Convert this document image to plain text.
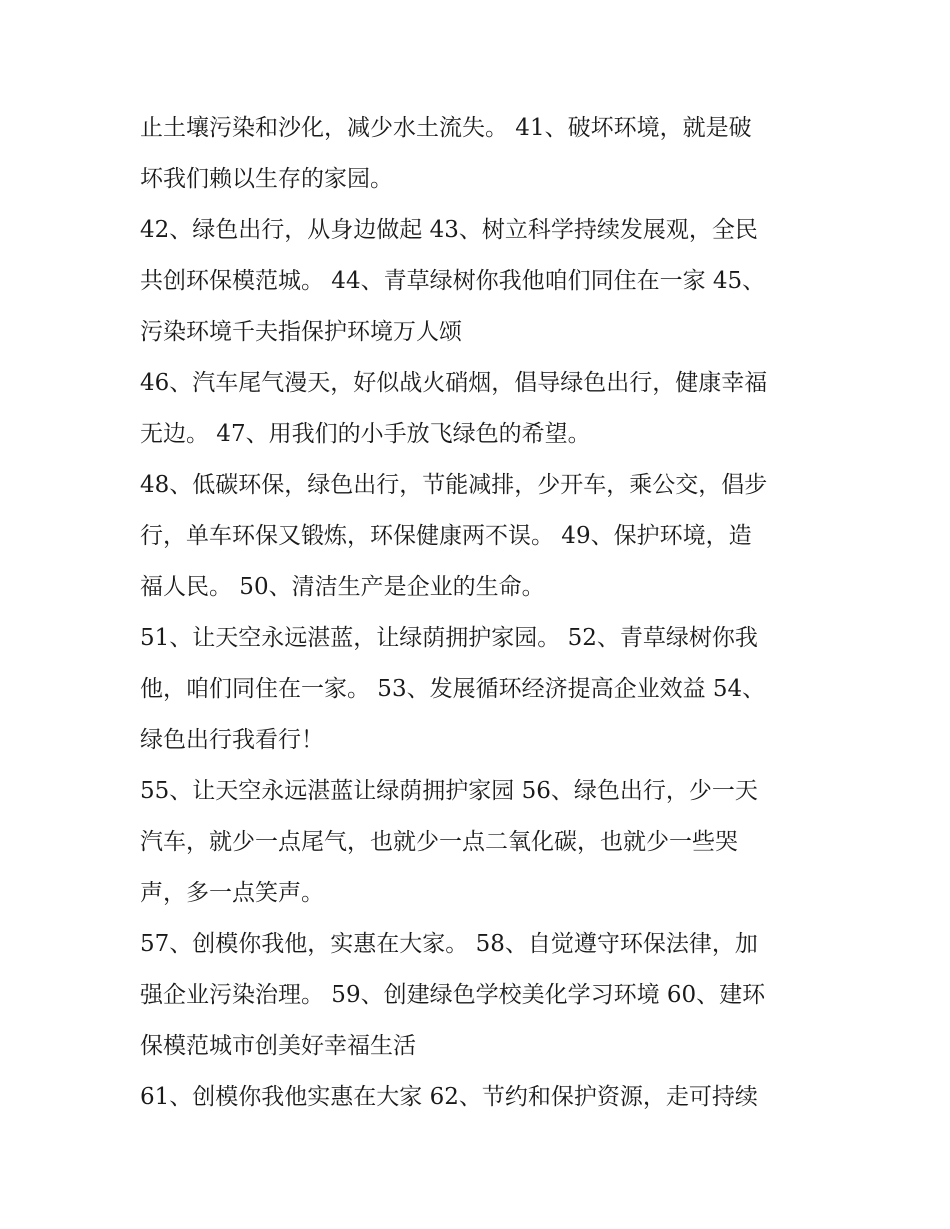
止土壤污染和沙化，减少水土流失。 41、破坏环境，就是破
坏我们赖以生存的家园。

42、绿色出行，从身边做起 43、树立科学持续发展观，全民
共创环保模范城。 44、青草绿树你我他咱们同住在一家 45、
污染环境千夫指保护环境万人颂

46、汽车尾气漫天，好似战火硝烟，倡导绿色出行，健康幸福
无边。 47、用我们的小手放飞绿色的希望。

48、低碳环保，绿色出行，节能减排，少开车，乘公交，倡步
行，单车环保又锻炼，环保健康两不误。 49、保护环境，造
福人民。 50、清洁生产是企业的生命。

51、让天空永远湛蓝，让绿荫拥护家园。 52、青草绿树你我
他，咱们同住在一家。 53、发展循环经济提高企业效益 54、
绿色出行我看行！

55、让天空永远湛蓝让绿荫拥护家园 56、绿色出行，少一天
汽车，就少一点尾气，也就少一点二氧化碳，也就少一些哭
声，多一点笑声。

57、创模你我他，实惠在大家。 58、自觉遵守环保法律，加
强企业污染治理。 59、创建绿色学校美化学习环境 60、建环
保模范城市创美好幸福生活

61、创模你我他实惠在大家 62、节约和保护资源，走可持续
